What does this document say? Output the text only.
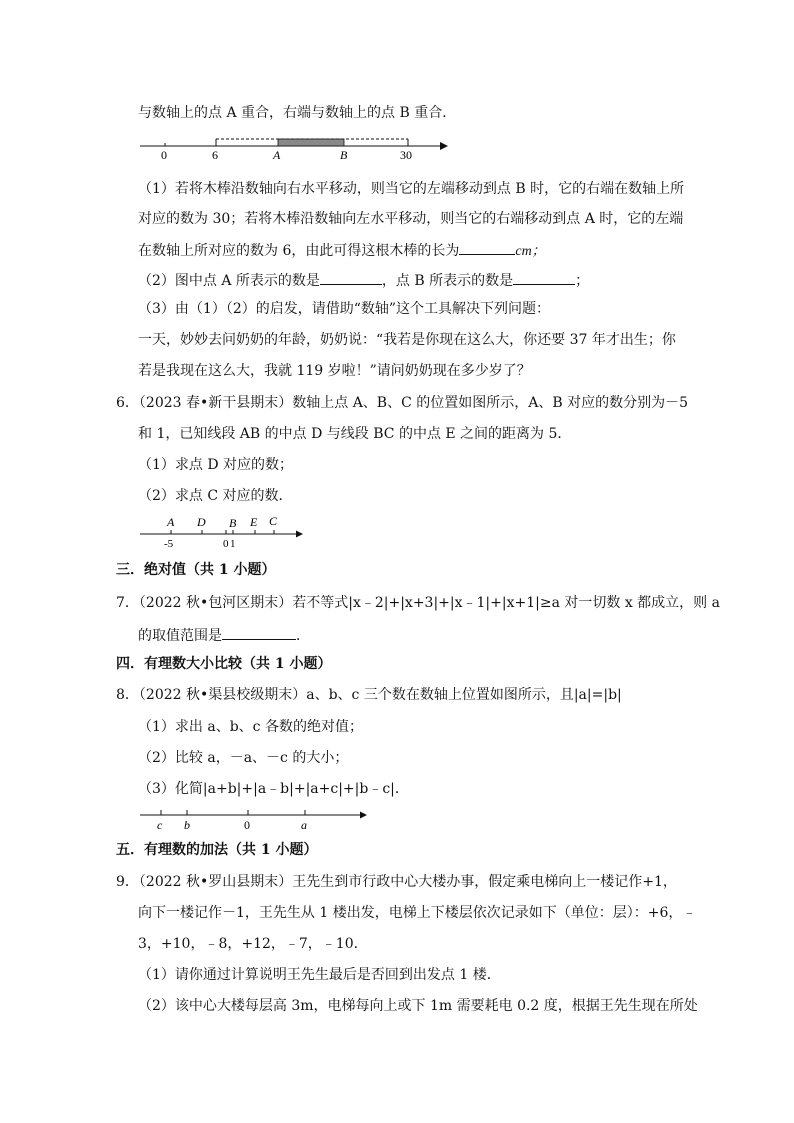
与数轴上的点 A 重合，右端与数轴上的点 B 重合．
0	6	A	B	30
（1）若将木棒沿数轴向右水平移动，则当它的左端移动到点 B 时，它的右端在数轴上所
对应的数为 30；若将木棒沿数轴向左水平移动，则当它的右端移动到点 A 时，它的左端
在数轴上所对应的数为 6，由此可得这根木棒的长为	cm；
（2）图中点 A 所表示的数是	，点 B 所表示的数是	；
（3）由（1）（2）的启发，请借助“数轴”这个工具解决下列问题：
一天，妙妙去问奶奶的年龄，奶奶说：“我若是你现在这么大，你还要 37 年才出生；你
若是我现在这么大，我就 119 岁啦！”请问奶奶现在多少岁了？
6．（2023 春•新干县期末）数轴上点 A、B、C 的位置如图所示，A、B 对应的数分别为－5
和 1，已知线段 AB 的中点 D 与线段 BC 的中点 E 之间的距离为 5．
（1）求点 D 对应的数；
（2）求点 C 对应的数．
A D B E C
-5	0 1
三．绝对值（共 1 小题）
7．（2022 秋•包河区期末）若不等式|x﹣2|+|x+3|+|x﹣1|+|x+1|≥a 对一切数 x 都成立，则 a
的取值范围是	．
四．有理数大小比较（共 1 小题）
8．（2022 秋•渠县校级期末）a、b、c 三个数在数轴上位置如图所示，且|a|=|b|
（1）求出 a、b、c 各数的绝对值；
（2）比较 a，－a、－c 的大小；
（3）化简|a+b|+|a﹣b|+|a+c|+|b﹣c|．
c b	0	a
五．有理数的加法（共 1 小题）
9．（2022 秋•罗山县期末）王先生到市行政中心大楼办事，假定乘电梯向上一楼记作+1，
向下一楼记作－1，王先生从 1 楼出发，电梯上下楼层依次记录如下（单位：层）：+6，﹣
3，+10，﹣8，+12，﹣7，﹣10．
（1）请你通过计算说明王先生最后是否回到出发点 1 楼．
（2）该中心大楼每层高 3m，电梯每向上或下 1m 需要耗电 0.2 度，根据王先生现在所处
